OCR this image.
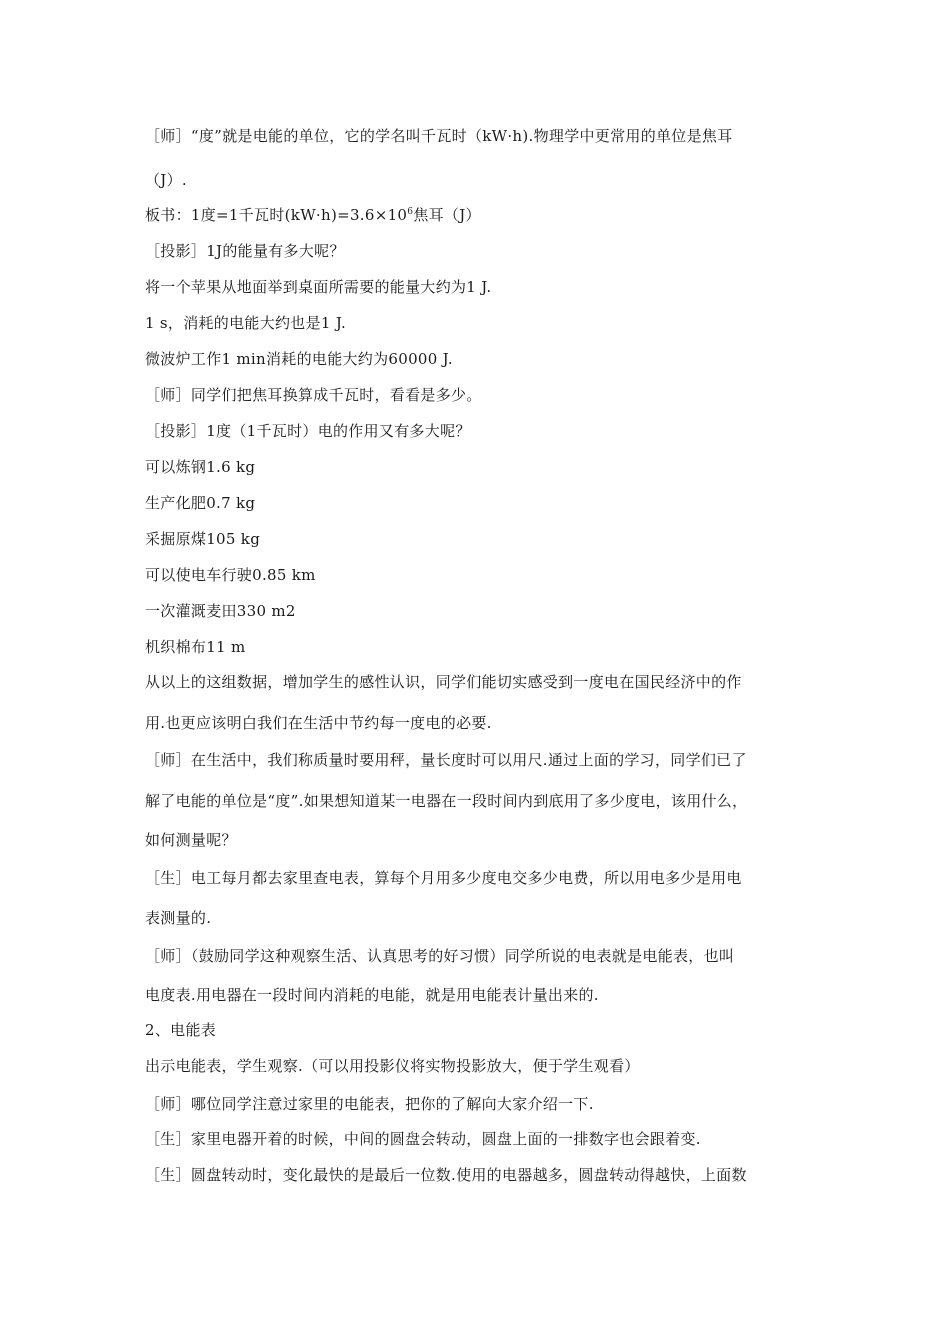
［师］“度”就是电能的单位，它的学名叫千瓦时（kW·h).物理学中更常用的单位是焦耳
（J）.
板书：1度=1千瓦时$(kW\cdot h)=3.6\times 10^6$焦耳（J）
［投影］1J的能量有多大呢？
将一个苹果从地面举到桌面所需要的能量大约为1 J.
1 s，消耗的电能大约也是1 J.
微波炉工作1 min消耗的电能大约为60000 J.
［师］同学们把焦耳换算成千瓦时，看看是多少。
［投影］1度（1千瓦时）电的作用又有多大呢？
可以炼钢1.6 kg
生产化肥0.7 kg
采掘原煤105 kg
可以使电车行驶0.85 km
一次灌溉麦田330 m2
机织棉布11 m
从以上的这组数据，增加学生的感性认识，同学们能切实感受到一度电在国民经济中的作
用.也更应该明白我们在生活中节约每一度电的必要.
［师］在生活中，我们称质量时要用秤，量长度时可以用尺.通过上面的学习，同学们已了
解了电能的单位是“度”.如果想知道某一电器在一段时间内到底用了多少度电，该用什么，
如何测量呢？
［生］电工每月都去家里查电表，算每个月用多少度电交多少电费，所以用电多少是用电
表测量的.
［师］（鼓励同学这种观察生活、认真思考的好习惯）同学所说的电表就是电能表，也叫
电度表.用电器在一段时间内消耗的电能，就是用电能表计量出来的.
2、电能表
出示电能表，学生观察.（可以用投影仪将实物投影放大，便于学生观看）
［师］哪位同学注意过家里的电能表，把你的了解向大家介绍一下.
［生］家里电器开着的时候，中间的圆盘会转动，圆盘上面的一排数字也会跟着变.
［生］圆盘转动时，变化最快的是最后一位数.使用的电器越多，圆盘转动得越快，上面数
